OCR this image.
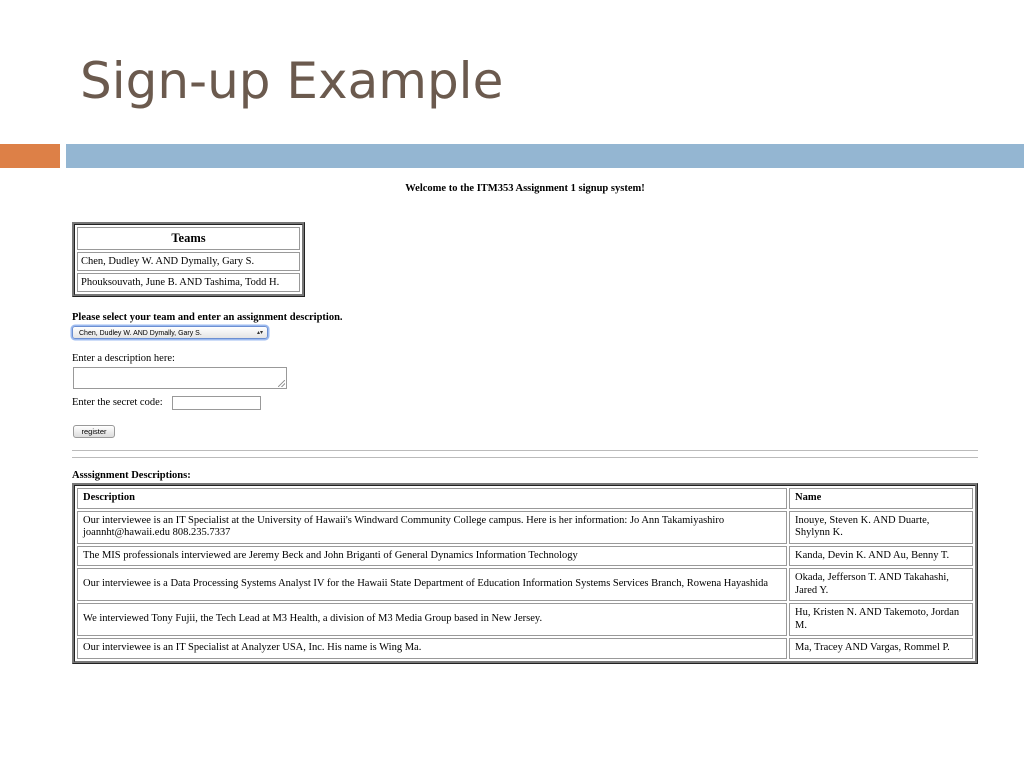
Sign-up Example
Welcome to the ITM353 Assignment 1 signup system!
Teams
Chen, Dudley W. AND Dymally, Gary S.
Phouksouvath, June B. AND Tashima, Todd H.
Please select your team and enter an assignment description.
Chen, Dudley W. AND Dymally, Gary S.	▴▾
Enter a description here:
Enter the secret code:
register
Asssignment Descriptions:
Description	Name
Our interviewee is an IT Specialist at the University of Hawaii's Windward Community College campus. Here is her information: Jo Ann Takamiyashiro joannht@hawaii.edu 808.235.7337	Inouye, Steven K. AND Duarte, Shylynn K.
The MIS professionals interviewed are Jeremy Beck and John Briganti of General Dynamics Information Technology	Kanda, Devin K. AND Au, Benny T.
Our interviewee is a Data Processing Systems Analyst IV for the Hawaii State Department of Education Information Systems Services Branch, Rowena Hayashida	Okada, Jefferson T. AND Takahashi, Jared Y.
We interviewed Tony Fujii, the Tech Lead at M3 Health, a division of M3 Media Group based in New Jersey.	Hu, Kristen N. AND Takemoto, Jordan M.
Our interviewee is an IT Specialist at Analyzer USA, Inc. His name is Wing Ma.	Ma, Tracey AND Vargas, Rommel P.
